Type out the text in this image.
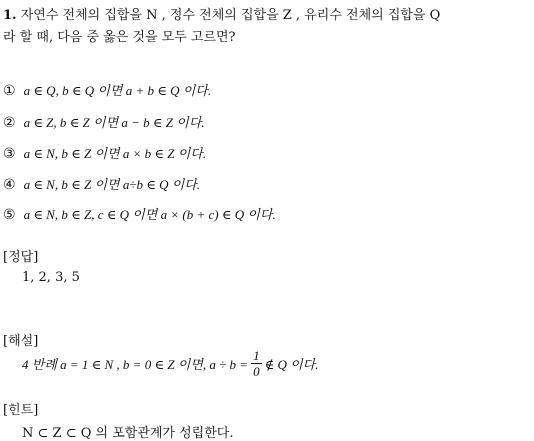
1. 자연수 전체의 집합을 N , 정수 전체의 집합을 Z , 유리수 전체의 집합을 Q
라 할 때, 다음 중 옳은 것을 모두 고르면?
① a ∈ Q, b ∈ Q 이면 a + b ∈ Q 이다.
② a ∈ Z, b ∈ Z 이면 a − b ∈ Z 이다.
③ a ∈ N, b ∈ Z 이면 a × b ∈ Z 이다.
④ a ∈ N, b ∈ Z 이면 a÷b ∈ Q 이다.
⑤ a ∈ N, b ∈ Z, c ∈ Q 이면 a × (b + c) ∈ Q 이다.
[정답]
1, 2, 3, 5
[해설]
4 반례 a = 1 ∈ N , b = 0 ∈ Z 이면, $a \div b = \frac{1}{0}$ ∉ Q 이다.
[힌트]
N ⊂ Z ⊂ Q 의 포함관계가 성립한다.
